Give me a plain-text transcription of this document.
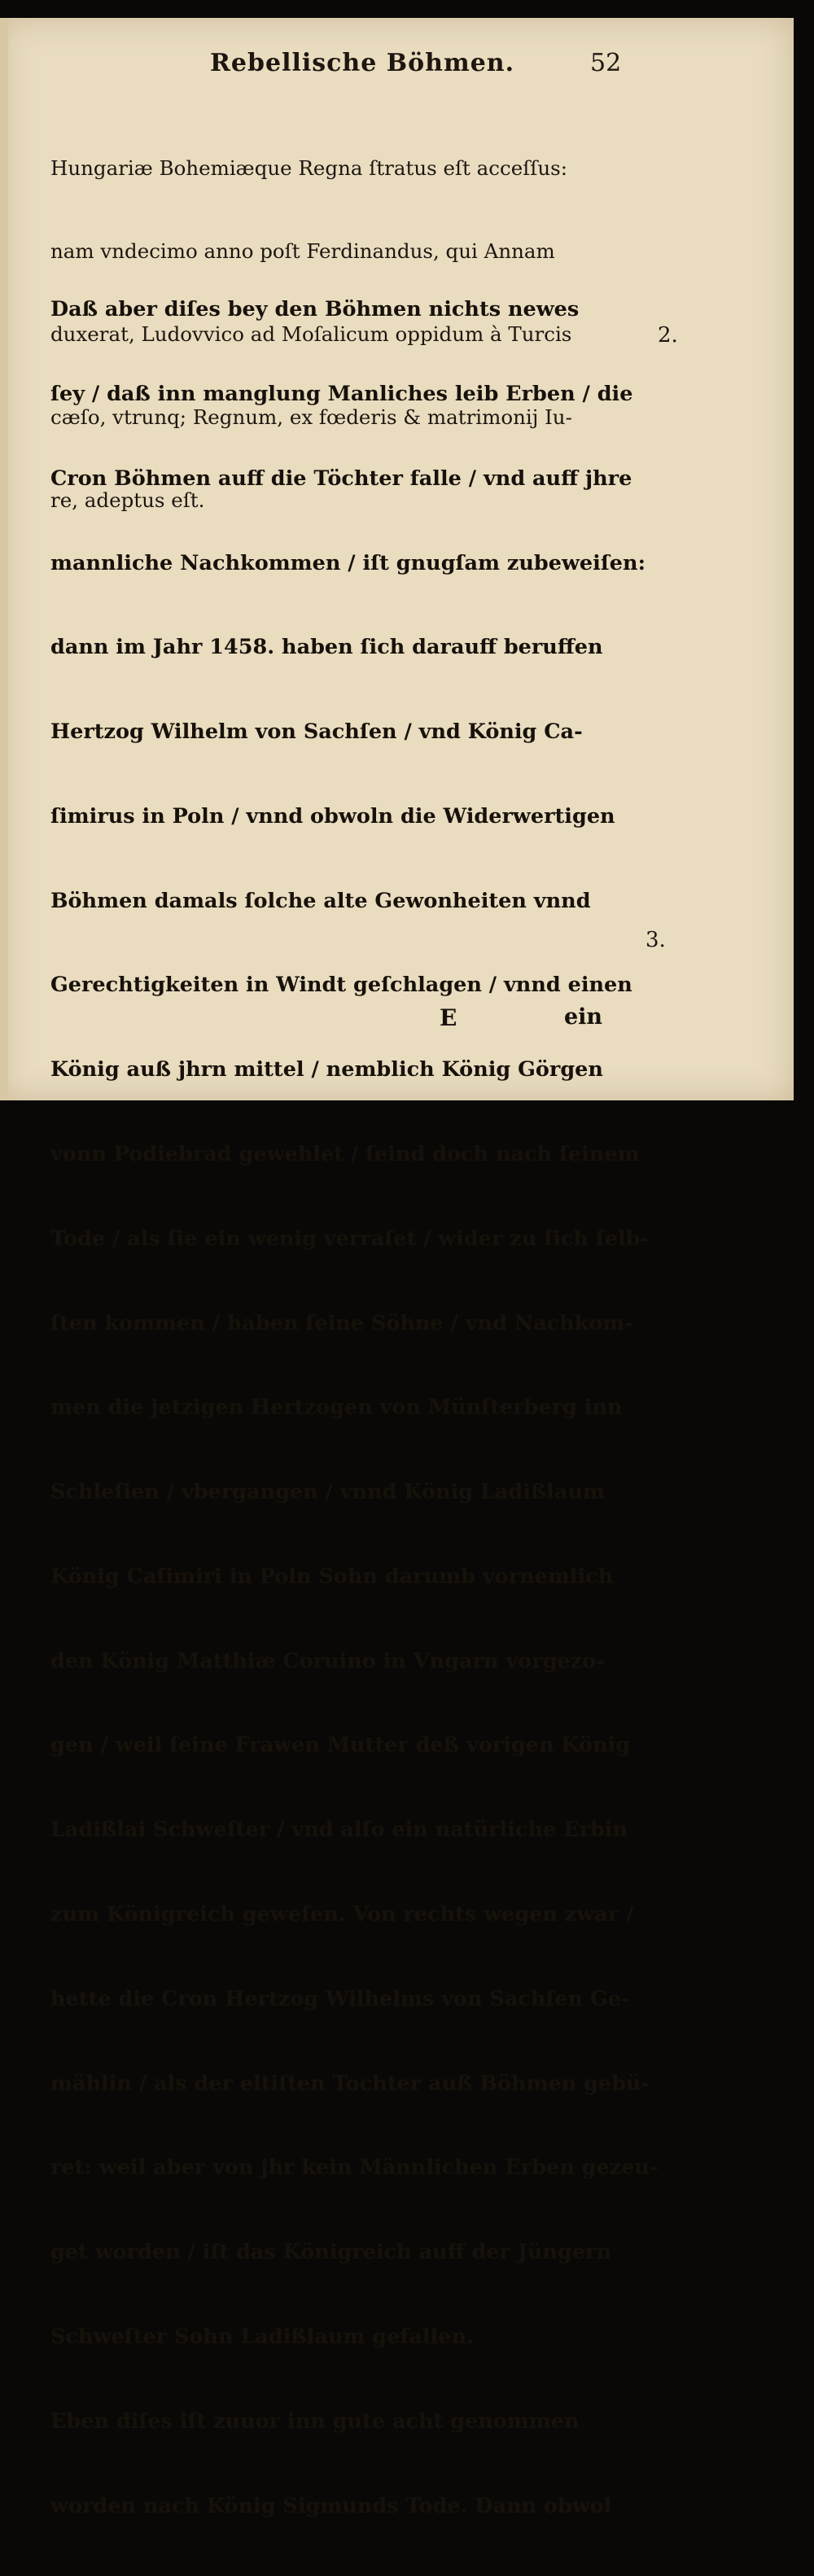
Rebellische Böhmen.	52

Hungariæ Bohemiæque Regna ſtratus eſt acceſſus:

nam vndecimo anno poſt Ferdinandus, qui Annam

duxerat, Ludovvico ad Moſalicum oppidum à Turcis

cæſo, vtrunq; Regnum, ex fœderis & matrimonij Iu-

re, adeptus eſt.

Daß aber diſes bey den Böhmen nichts newes

ſey / daß inn manglung Manliches leib Erben / die

Cron Böhmen auff die Töchter falle / vnd auff jhre

mannliche Nachkommen / iſt gnugſam zubeweiſen:

dann im Jahr 1458. haben ſich darauff beruffen

Hertzog Wilhelm von Sachſen / vnd König Ca-

ſimirus in Poln / vnnd obwoln die Widerwertigen

Böhmen damals ſolche alte Gewonheiten vnnd

Gerechtigkeiten in Windt geſchlagen / vnnd einen

König auß jhrn mittel / nemblich König Görgen

vonn Podiebrad gewehlet / ſeind doch nach ſeinem

Tode / als ſie ein wenig verraſet / wider zu ſich ſelb-

ſten kommen / haben ſeine Söhne / vnd Nachkom-

men die jetzigen Hertzogen von Münſterberg inn

Schleſien / vbergangen / vnnd König Ladißlaum

König Caſimiri in Poln Sohn darumb vornemlich

den König Matthiæ Coruino in Vngarn vorgezo-

gen / weil ſeine Frawen Mutter deß vorigen König

Ladißlai Schweſter / vnd alſo ein natürliche Erbin

zum Königreich geweſen. Von rechts wegen zwar /

hette die Cron Hertzog Wilhelms von Sachſen Ge-

mählin / als der eltiſten Tochter auß Böhmen gebü-

ret: weil aber von jhr kein Männlichen Erben gezeu-

get worden / iſt das Königreich auff der Jüngern

Schweſter Sohn Ladißlaum gefallen.

Eben diſes iſt zuuor inn gute acht genommen

worden nach König Sigmunds Tode. Dann obwol

2.
3.
E	ein
